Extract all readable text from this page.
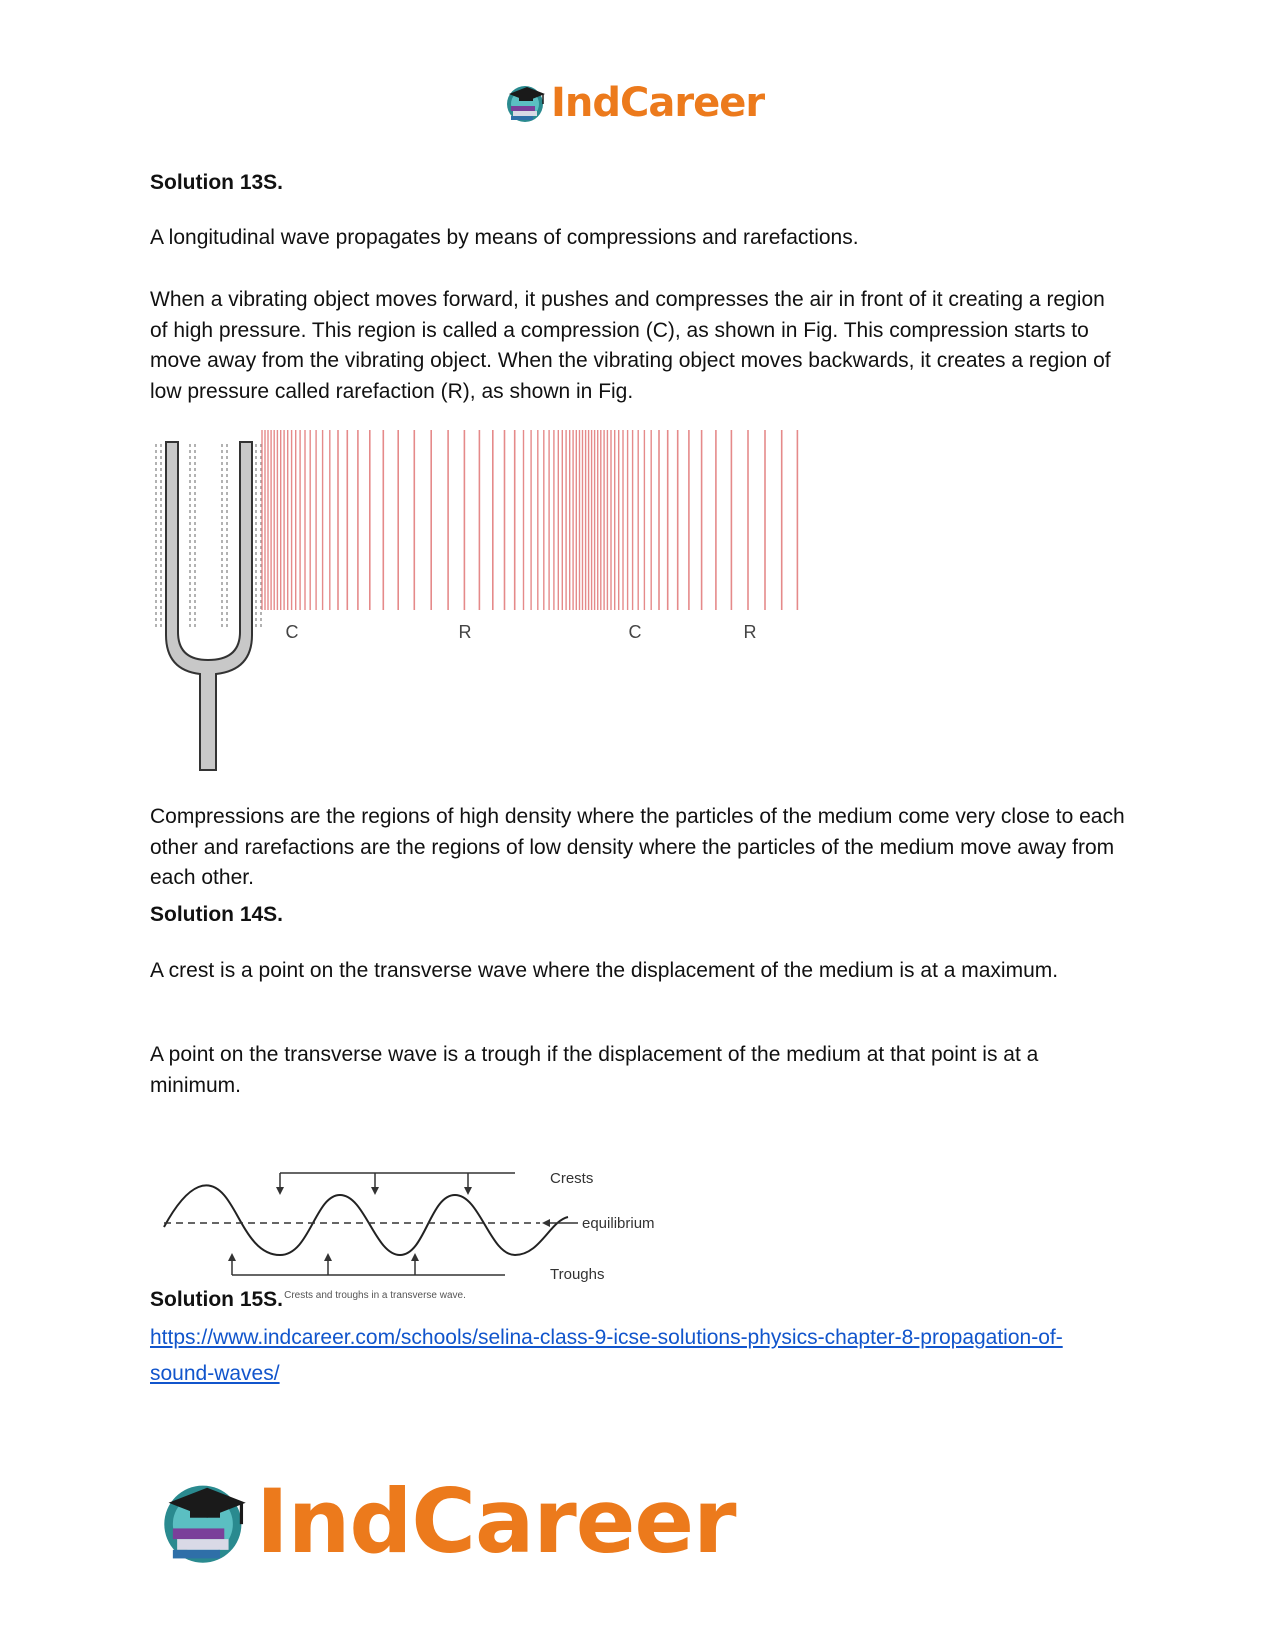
IndCareer
Solution 13S.

A longitudinal wave propagates by means of compressions and rarefactions.

When a vibrating object moves forward, it pushes and compresses the air in front of it creating a region of high pressure. This region is called a compression (C), as shown in Fig. This compression starts to move away from the vibrating object. When the vibrating object moves backwards, it creates a region of low pressure called rarefaction (R), as shown in Fig.

C	R	C	R

Compressions are the regions of high density where the particles of the medium come very close to each other and rarefactions are the regions of low density where the particles of the medium move away from each other.

Solution 14S.

A crest is a point on the transverse wave where the displacement of the medium is at a maximum.

A point on the transverse wave is a trough if the displacement of the medium at that point is at a minimum.

Crests
equilibrium
Troughs
Crests and troughs in a transverse wave.
Solution 15S.
https://www.indcareer.com/schools/selina-class-9-icse-solutions-physics-chapter-8-propagation-of-sound-waves/
IndCareer
